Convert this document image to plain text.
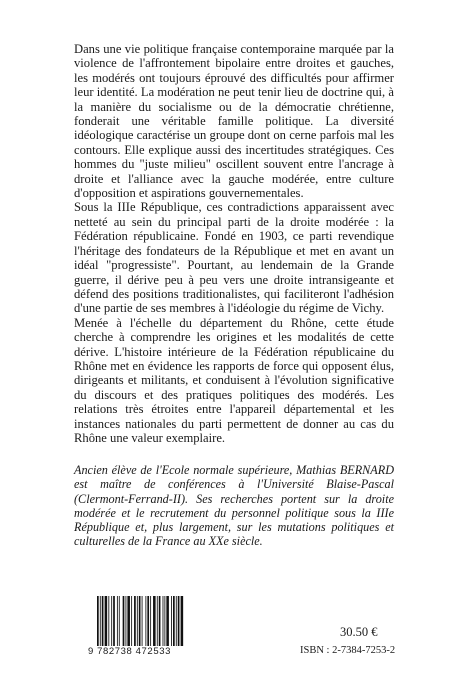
Dans une vie politique française contemporaine marquée par la violence de l'affrontement bipolaire entre droites et gauches, les modérés ont toujours éprouvé des difficultés pour affirmer leur identité. La modération ne peut tenir lieu de doctrine qui, à la manière du socialisme ou de la démocratie chrétienne, fonderait une véritable famille politique. La diversité idéologique caractérise un groupe dont on cerne parfois mal les contours. Elle explique aussi des incertitudes stratégiques. Ces hommes du "juste milieu" oscillent souvent entre l'ancrage à droite et l'alliance avec la gauche modérée, entre culture d'opposition et aspirations gouvernementales.

Sous la IIIe République, ces contradictions apparaissent avec netteté au sein du principal parti de la droite modérée : la Fédération républicaine. Fondé en 1903, ce parti revendique l'héritage des fondateurs de la République et met en avant un idéal "progressiste". Pourtant, au lendemain de la Grande guerre, il dérive peu à peu vers une droite intransigeante et défend des positions traditionalistes, qui faciliteront l'adhésion d'une partie de ses membres à l'idéologie du régime de Vichy.

Menée à l'échelle du département du Rhône, cette étude cherche à comprendre les origines et les modalités de cette dérive. L'histoire intérieure de la Fédération républicaine du Rhône met en évidence les rapports de force qui opposent élus, dirigeants et militants, et conduisent à l'évolution significative du discours et des pratiques politiques des modérés. Les relations très étroites entre l'appareil départemental et les instances nationales du parti permettent de donner au cas du Rhône une valeur exemplaire.

Ancien élève de l'Ecole normale supérieure, Mathias BERNARD est maître de conférences à l'Université Blaise-Pascal (Clermont-Ferrand-II). Ses recherches portent sur la droite modérée et le recrutement du personnel politique sous la IIIe République et, plus largement, sur les mutations politiques et culturelles de la France au XXe siècle.
9 782738 472533
30.50 €
ISBN : 2-7384-7253-2
